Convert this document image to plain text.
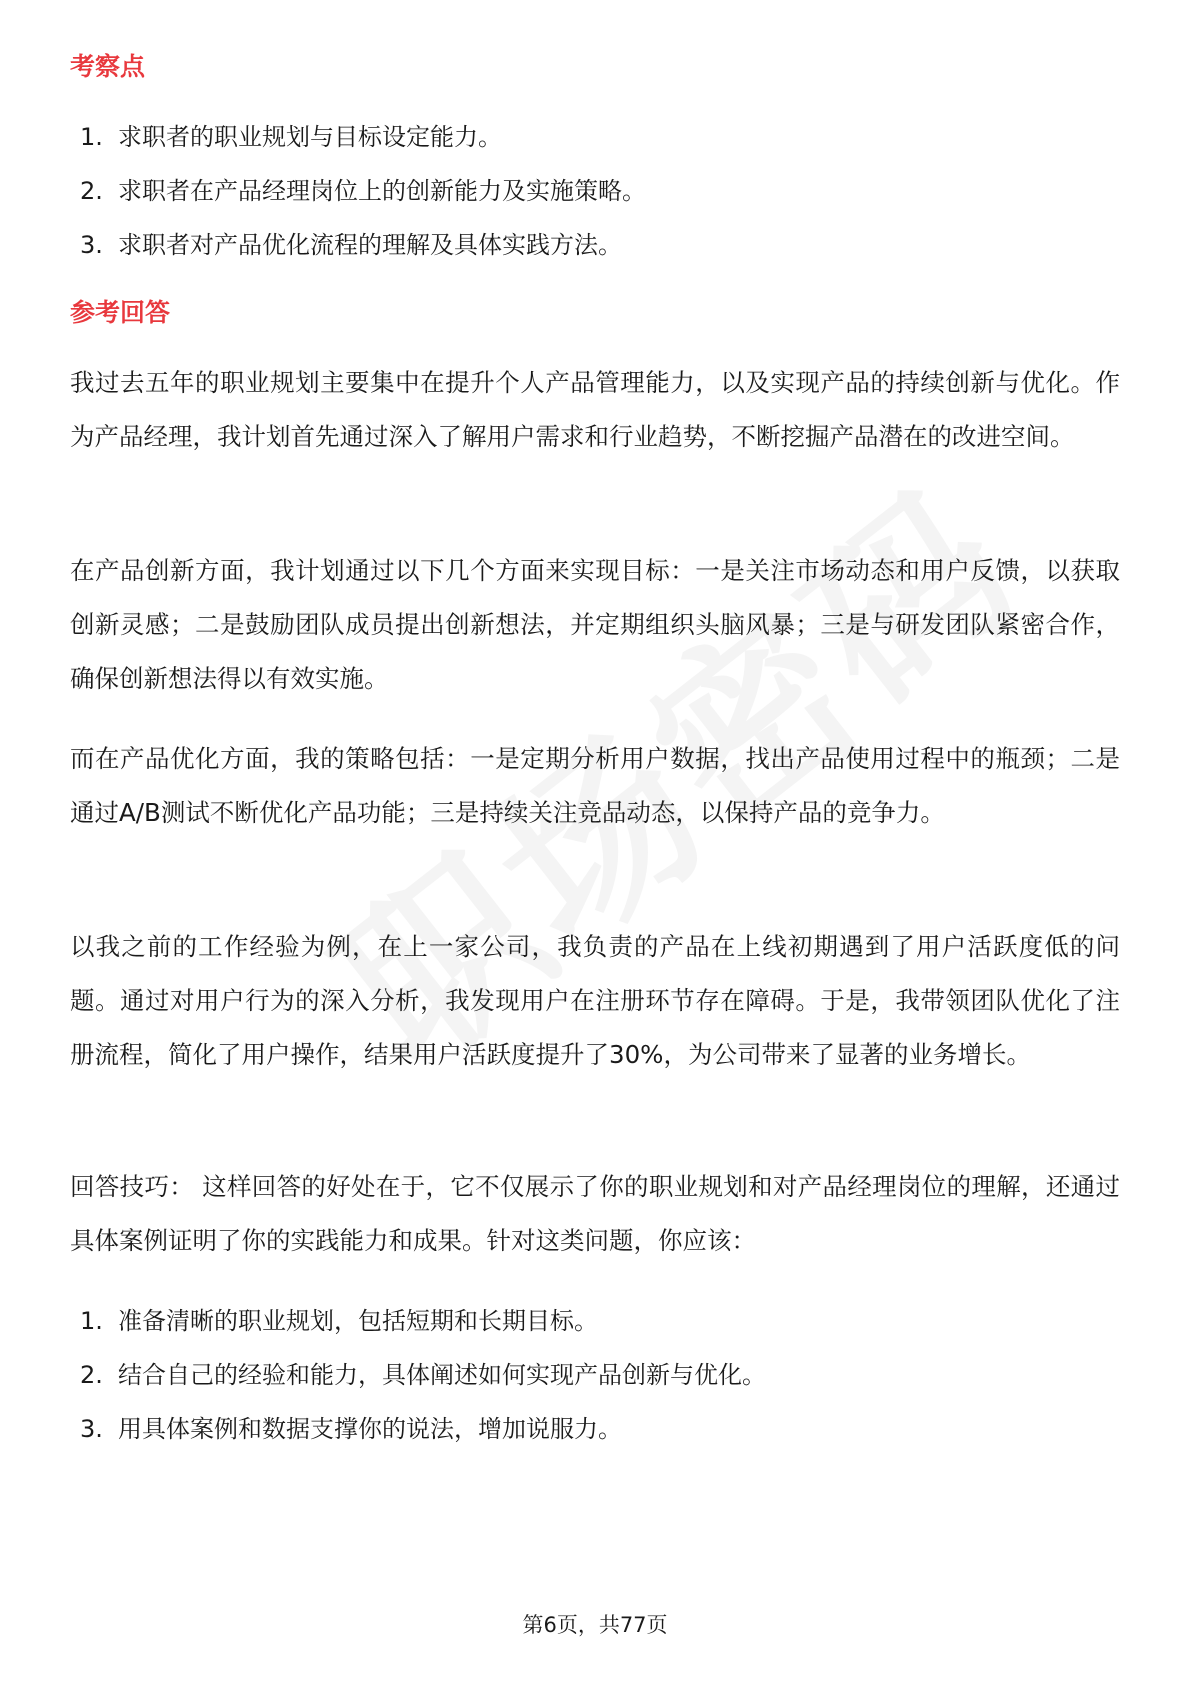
考察点
1. 求职者的职业规划与目标设定能力。
2. 求职者在产品经理岗位上的创新能力及实施策略。
3. 求职者对产品优化流程的理解及具体实践方法。
参考回答

我过去五年的职业规划主要集中在提升个人产品管理能力，以及实现产品的持续创新与优化。作为产品经理，我计划首先通过深入了解用户需求和行业趋势，不断挖掘产品潜在的改进空间。

在产品创新方面，我计划通过以下几个方面来实现目标：一是关注市场动态和用户反馈，以获取创新灵感；二是鼓励团队成员提出创新想法，并定期组织头脑风暴；三是与研发团队紧密合作，确保创新想法得以有效实施。

而在产品优化方面，我的策略包括：一是定期分析用户数据，找出产品使用过程中的瓶颈；二是通过A/B测试不断优化产品功能；三是持续关注竞品动态，以保持产品的竞争力。

以我之前的工作经验为例，在上一家公司，我负责的产品在上线初期遇到了用户活跃度低的问题。通过对用户行为的深入分析，我发现用户在注册环节存在障碍。于是，我带领团队优化了注册流程，简化了用户操作，结果用户活跃度提升了30%，为公司带来了显著的业务增长。

回答技巧： 这样回答的好处在于，它不仅展示了你的职业规划和对产品经理岗位的理解，还通过具体案例证明了你的实践能力和成果。针对这类问题，你应该：

1. 准备清晰的职业规划，包括短期和长期目标。
2. 结合自己的经验和能力，具体阐述如何实现产品创新与优化。
3. 用具体案例和数据支撑你的说法，增加说服力。
第6页，共77页
